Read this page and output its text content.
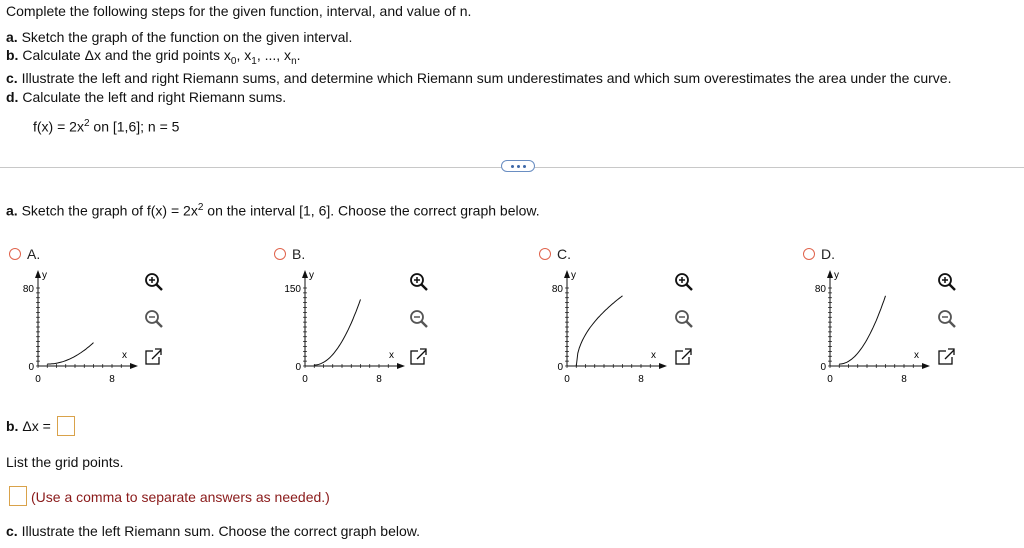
Complete the following steps for the given function, interval, and value of n.
a. Sketch the graph of the function on the given interval.
b. Calculate Δx and the grid points $x_0$, $x_1$, ..., $x_n$.
c. Illustrate the left and right Riemann sums, and determine which Riemann sum underestimates and which sum overestimates the area under the curve.
d. Calculate the left and right Riemann sums.
$f(x) = 2x^2$ on [1,6]; n = 5
a. Sketch the graph of $f(x) = 2x^2$ on the interval [1, 6]. Choose the correct graph below.
A.
y
x
80
0
0	8
B.
y
x
150
0
0	8
C.
y
x
80
0
0	8
D.
y
x
80
0
0	8
b. Δx =
List the grid points.
(Use a comma to separate answers as needed.)
c. Illustrate the left Riemann sum. Choose the correct graph below.
